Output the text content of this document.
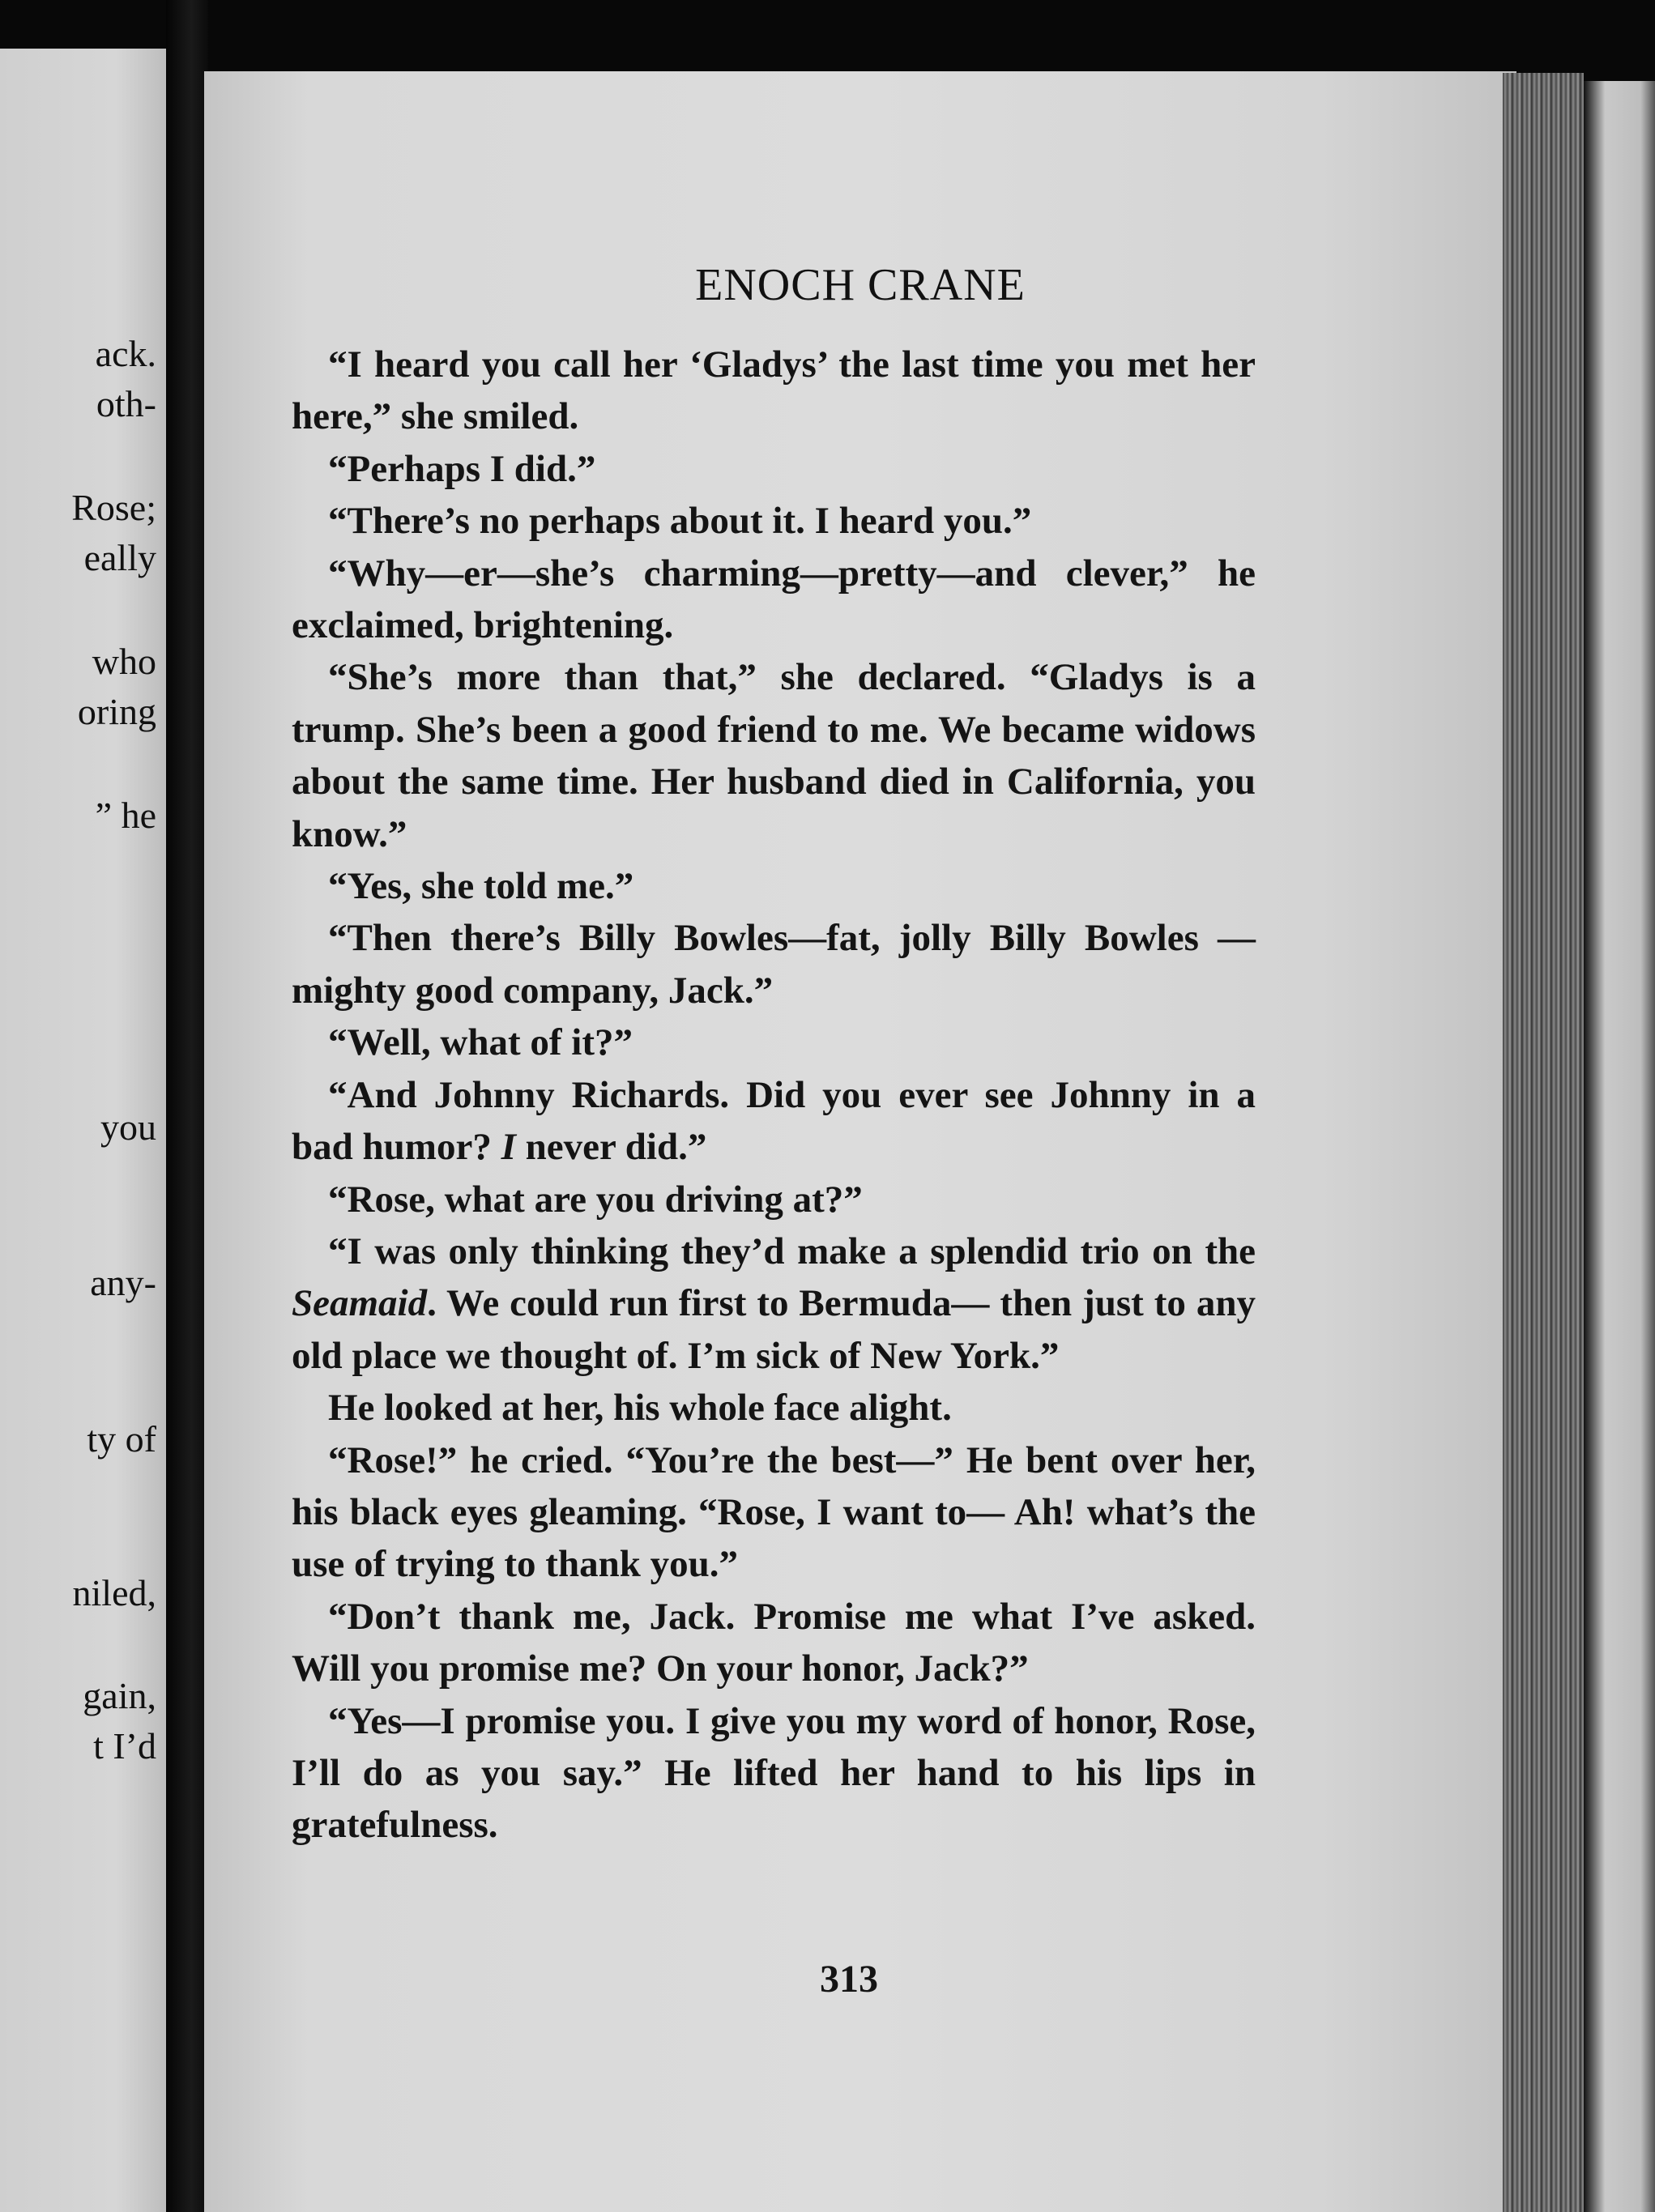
ack.
oth-
Rose;
eally
who
oring
” he
you
any-
ty of
niled,
gain,
t I’d
ENOCH CRANE

“I heard you call her ‘Gladys’ the last time you met her here,” she smiled.

“Perhaps I did.”

“There’s no perhaps about it. I heard you.”

“Why—er—she’s charming—pretty—and clever,” he exclaimed, brightening.

“She’s more than that,” she declared. “Gladys is a trump. She’s been a good friend to me. We became widows about the same time. Her husband died in California, you know.”

“Yes, she told me.”

“Then there’s Billy Bowles—fat, jolly Billy Bowles —mighty good company, Jack.”

“Well, what of it?”

“And Johnny Richards. Did you ever see Johnny in a bad humor? I never did.”

“Rose, what are you driving at?”

“I was only thinking they’d make a splendid trio on the Seamaid. We could run first to Bermuda— then just to any old place we thought of. I’m sick of New York.”

He looked at her, his whole face alight.

“Rose!” he cried. “You’re the best—” He bent over her, his black eyes gleaming. “Rose, I want to— Ah! what’s the use of trying to thank you.”

“Don’t thank me, Jack. Promise me what I’ve asked. Will you promise me? On your honor, Jack?”

“Yes—I promise you. I give you my word of honor, Rose, I’ll do as you say.” He lifted her hand to his lips in gratefulness.

313
